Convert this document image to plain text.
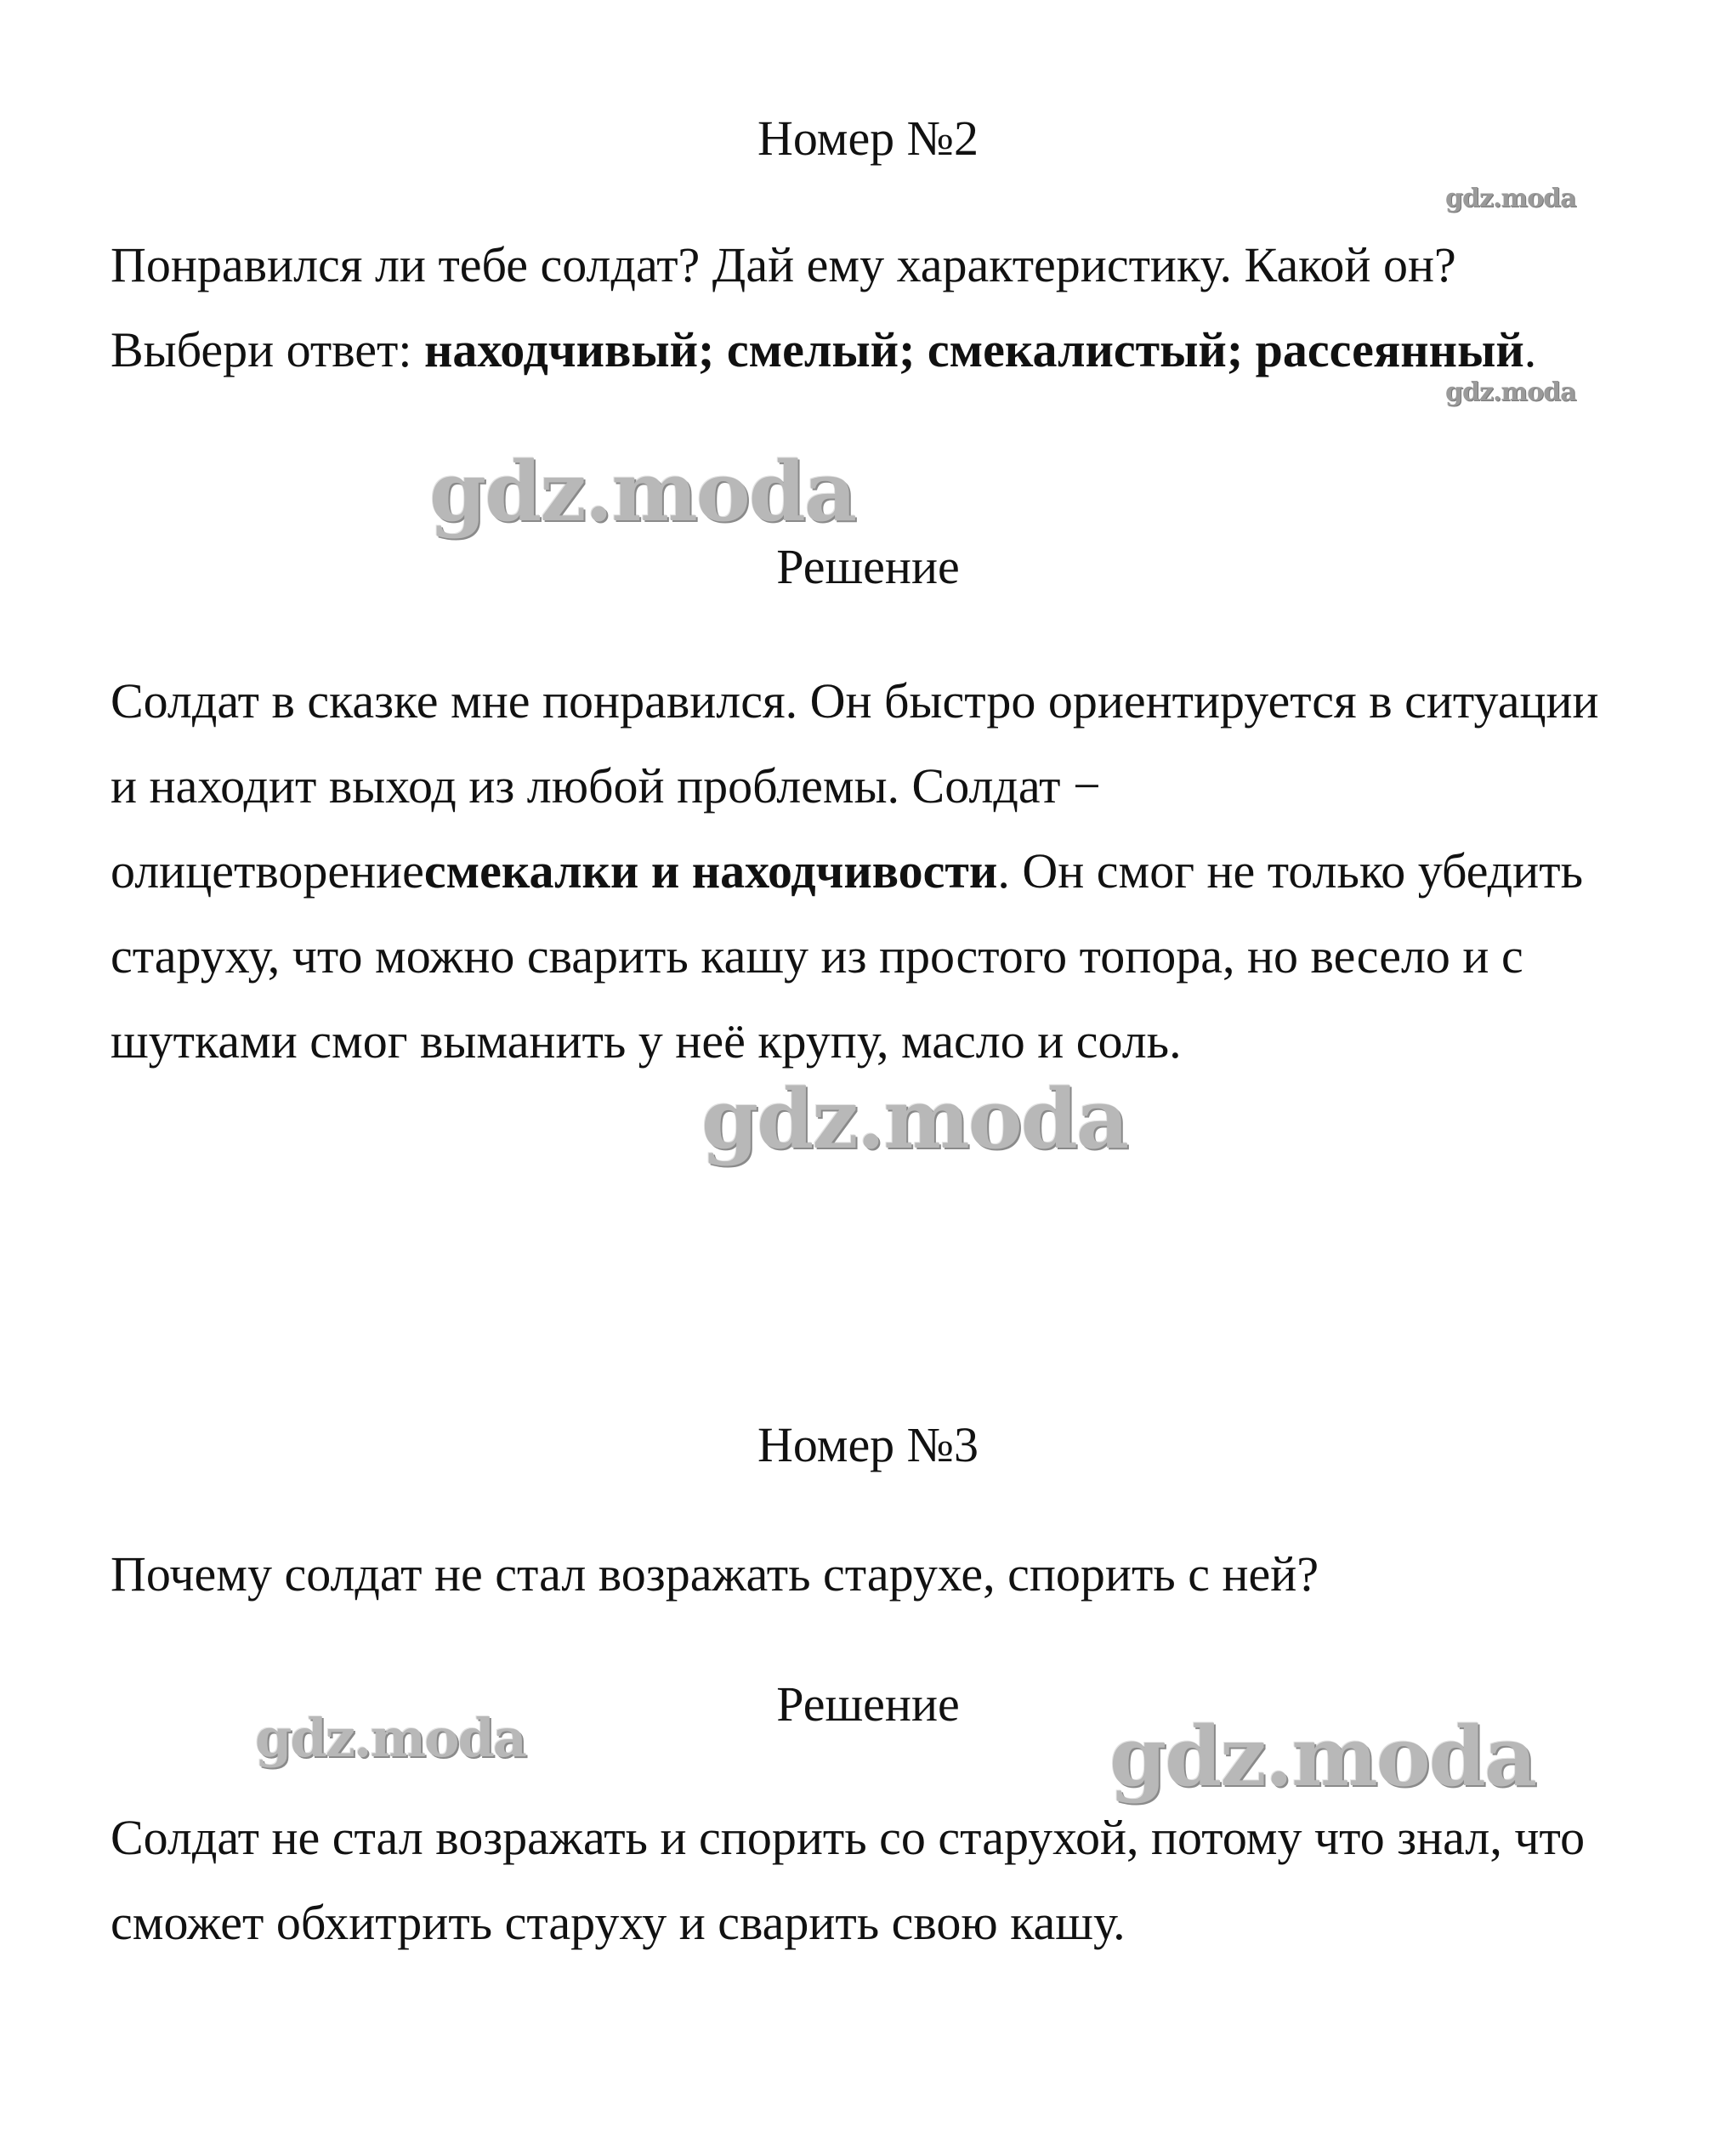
Номер №2

Понравился ли тебе солдат? Дай ему характеристику. Какой он? Выбери ответ: находчивый; смелый; смекалистый; рассеянный.

Решение

Солдат в сказке мне понравился. Он быстро ориентируется в ситуации и находит выход из любой проблемы. Солдат − олицетворениесмекалки и находчивости. Он смог не только убедить старуху, что можно сварить кашу из простого топора, но весело и с шутками смог выманить у неё крупу, масло и соль.

Номер №3

Почему солдат не стал возражать старухе, спорить с ней?

Решение

Солдат не стал возражать и спорить со старухой, потому что знал, что сможет обхитрить старуху и сварить свою кашу.

gdz.moda
gdz.moda
gdz.moda
gdz.moda
gdz.moda	gdz.moda
